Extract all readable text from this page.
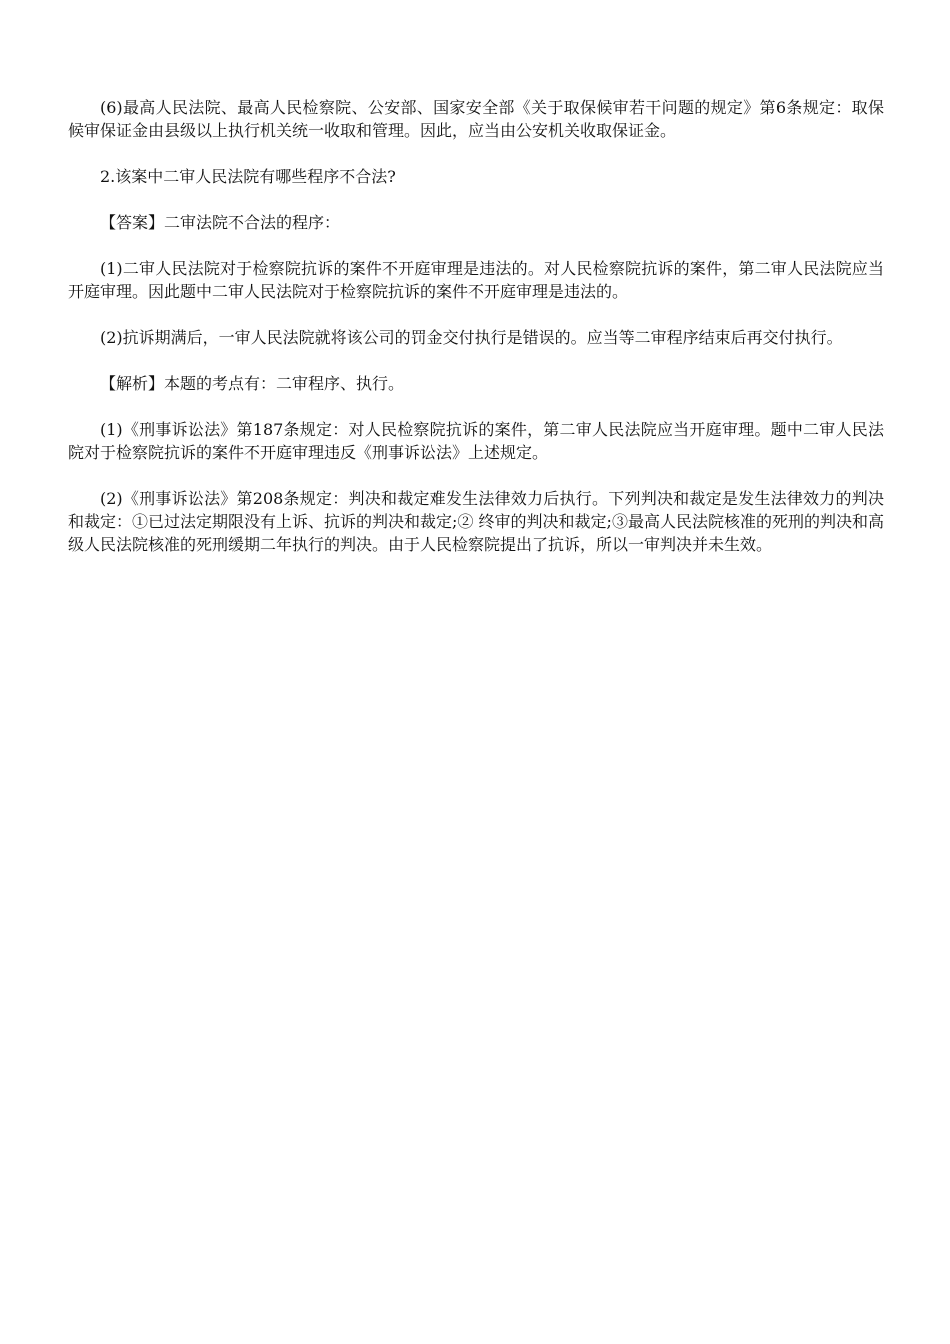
(6)最高人民法院、最高人民检察院、公安部、国家安全部《关于取保候审若干问题的规定》第6条规定：取保候审保证金由县级以上执行机关统一收取和管理。因此，应当由公安机关收取保证金。

2.该案中二审人民法院有哪些程序不合法?

【答案】二审法院不合法的程序：

(1)二审人民法院对于检察院抗诉的案件不开庭审理是违法的。对人民检察院抗诉的案件，第二审人民法院应当开庭审理。因此题中二审人民法院对于检察院抗诉的案件不开庭审理是违法的。

(2)抗诉期满后，一审人民法院就将该公司的罚金交付执行是错误的。应当等二审程序结束后再交付执行。

【解析】本题的考点有：二审程序、执行。

(1)《刑事诉讼法》第187条规定：对人民检察院抗诉的案件，第二审人民法院应当开庭审理。题中二审人民法院对于检察院抗诉的案件不开庭审理违反《刑事诉讼法》上述规定。

(2)《刑事诉讼法》第208条规定：判决和裁定难发生法律效力后执行。下列判决和裁定是发生法律效力的判决和裁定：①已过法定期限没有上诉、抗诉的判决和裁定;② 终审的判决和裁定;③最高人民法院核准的死刑的判决和高级人民法院核准的死刑缓期二年执行的判决。由于人民检察院提出了抗诉，所以一审判决并未生效。
